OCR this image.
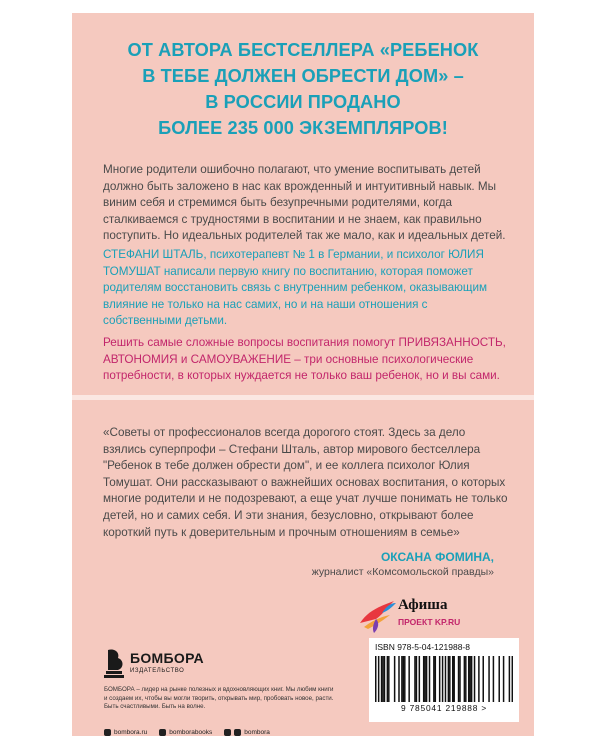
ОТ АВТОРА БЕСТСЕЛЛЕРА «РЕБЕНОК
В ТЕБЕ ДОЛЖЕН ОБРЕСТИ ДОМ» –
В РОССИИ ПРОДАНО
БОЛЕЕ 235 000 ЭКЗЕМПЛЯРОВ!
Многие родители ошибочно полагают, что умение воспитывать детей должно быть заложено в нас как врожденный и интуитивный навык. Мы виним себя и стремимся быть безупречными родителями, когда сталкиваемся с трудностями в воспитании и не знаем, как правильно поступить. Но идеальных родителей так же мало, как и идеальных детей.
СТЕФАНИ ШТАЛЬ, психотерапевт № 1 в Германии, и психолог ЮЛИЯ ТОМУШАТ написали первую книгу по воспитанию, которая поможет родителям восстановить связь с внутренним ребенком, оказывающим влияние не только на нас самих, но и на наши отношения с собственными детьми.
Решить самые сложные вопросы воспитания помогут ПРИВЯЗАННОСТЬ, АВТОНОМИЯ и САМОУВАЖЕНИЕ – три основные психологические потребности, в которых нуждается не только ваш ребенок, но и вы сами.
«Советы от профессионалов всегда дорогого стоят. Здесь за дело взялись суперпрофи – Стефани Шталь, автор мирового бестселлера "Ребенок в тебе должен обрести дом", и ее коллега психолог Юлия Томушат. Они рассказывают о важнейших основах воспитания, о которых многие родители и не подозревают, а еще учат лучше понимать не только детей, но и самих себя. И эти знания, безусловно, открывают более короткий путь к доверительным и прочным отношениям в семье»
ОКСАНА ФОМИНА,
журналист «Комсомольской правды»
Афиша
ПРОЕКТ KP.RU
БОМБОРА
ИЗДАТЕЛЬСТВО
БОМБОРА – лидер на рынке полезных и вдохновляющих книг. Мы любим книги и создаем их, чтобы вы могли творить, открывать мир, пробовать новое, расти. Быть счастливыми. Быть на волне.
bombora.ru	bomborabooks	bombora
ISBN 978-5-04-121988-8
9 785041 219888 >
